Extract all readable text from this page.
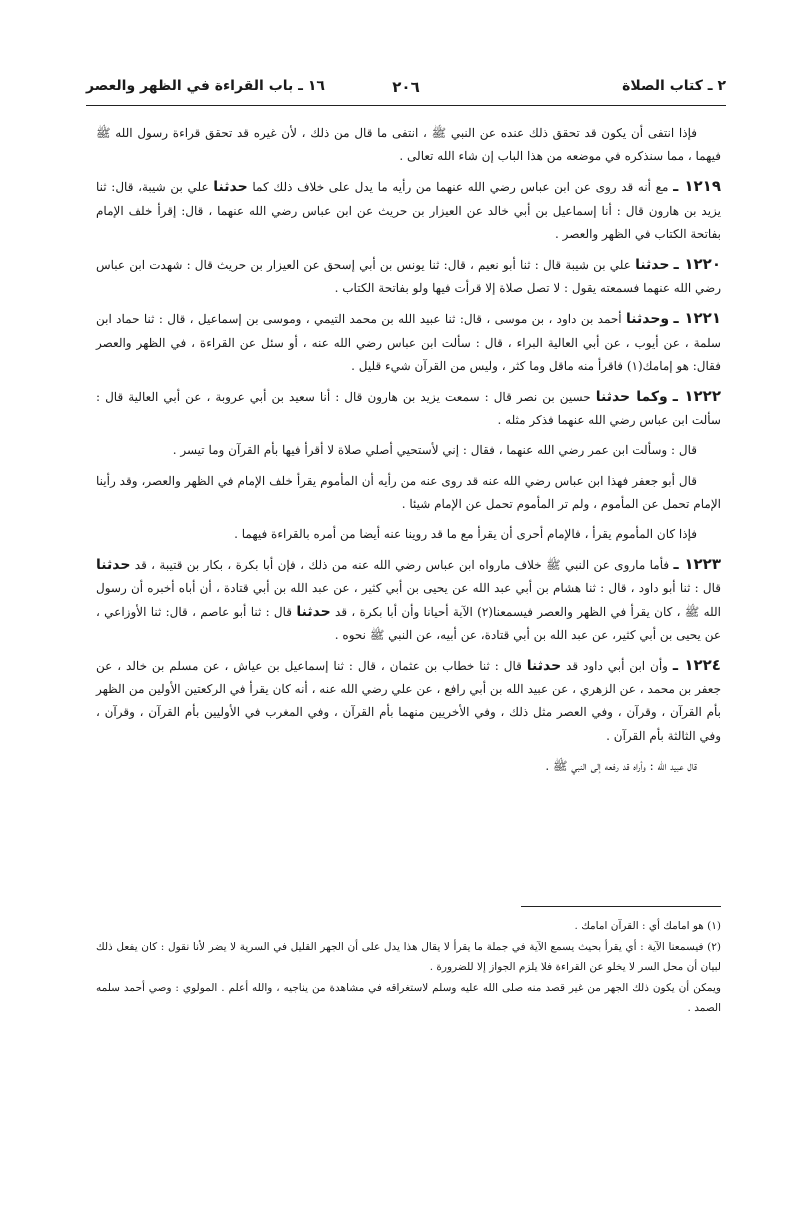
٢ ـ كتاب الصلاة
٢٠٦
١٦ ـ باب القراءة في الظهر والعصر

فإذا انتفى أن يكون قد تحقق ذلك عنده عن النبي ﷺ ، انتفى ما قال من ذلك ، لأن غيره قد تحقق قراءة رسول الله ﷺ فيهما ، مما سنذكره في موضعه من هذا الباب إن شاء الله تعالى .

١٢١٩ ـ مع أنه قد روى عن ابن عباس رضي الله عنهما من رأيه ما يدل على خلاف ذلك كما حدثنا علي بن شيبة، قال: ثنا يزيد بن هارون قال : أنا إسماعيل بن أبي خالد عن العيزار بن حريث عن ابن عباس رضي الله عنهما ، قال: إقرأ خلف الإمام بفاتحة الكتاب في الظهر والعصر .

١٢٢٠ ـ حدثنا علي بن شيبة قال : ثنا أبو نعيم ، قال: ثنا يونس بن أبي إسحق عن العيزار بن حريث قال : شهدت ابن عباس رضي الله عنهما فسمعته يقول : لا تصل صلاة إلا قرأت فيها ولو بفاتحة الكتاب .

١٢٢١ ـ وحدثنا أحمد بن داود ، بن موسى ، قال: ثنا عبيد الله بن محمد التيمي ، وموسى بن إسماعيل ، قال : ثنا حماد ابن سلمة ، عن أيوب ، عن أبي العالية البراء ، قال : سألت ابن عباس رضي الله عنه ، أو سئل عن القراءة ، في الظهر والعصر فقال: هو إمامك(١) فاقرأ منه ماقل وما كثر ، وليس من القرآن شيء قليل .

١٢٢٢ ـ وكما حدثنا حسين بن نصر قال : سمعت يزيد بن هارون قال : أنا سعيد بن أبي عروبة ، عن أبي العالية قال : سألت ابن عباس رضي الله عنهما فذكر مثله .

قال : وسألت ابن عمر رضي الله عنهما ، فقال : إني لأستحيي أصلي صلاة لا أقرأ فيها بأم القرآن وما تيسر .

قال أبو جعفر فهذا ابن عباس رضي الله عنه قد روى عنه من رأيه أن المأموم يقرأ خلف الإمام في الظهر والعصر، وقد رأينا الإمام تحمل عن المأموم ، ولم تر المأموم تحمل عن الإمام شيئا .

فإذا كان المأموم يقرأ ، فالإمام أحرى أن يقرأ مع ما قد روينا عنه أيضا من أمره بالقراءة فيهما .

١٢٢٣ ـ فأما ماروى عن النبي ﷺ خلاف مارواه ابن عباس رضي الله عنه من ذلك ، فإن أبا بكرة ، بكار بن قتيبة ، قد حدثنا قال : ثنا أبو داود ، قال : ثنا هشام بن أبي عبد الله عن يحيى بن أبي كثير ، عن عبد الله بن أبي قتادة ، أن أباه أخبره أن رسول الله ﷺ ، كان يقرأ في الظهر والعصر فيسمعنا(٢) الآية أحيانا وأن أبا بكرة ، قد حدثنا قال : ثنا أبو عاصم ، قال: ثنا الأوزاعي ، عن يحيى بن أبي كثير، عن عبد الله بن أبي قتادة، عن أبيه، عن النبي ﷺ نحوه .

١٢٢٤ ـ وأن ابن أبي داود قد حدثنا قال : ثنا خطاب بن عثمان ، قال : ثنا إسماعيل بن عياش ، عن مسلم بن خالد ، عن جعفر بن محمد ، عن الزهري ، عن عبيد الله بن أبي رافع ، عن علي رضي الله عنه ، أنه كان يقرأ في الركعتين الأولين من الظهر بأم القرآن ، وقرآن ، وفي العصر مثل ذلك ، وفي الأخريين منهما بأم القرآن ، وفي المغرب في الأوليين بأم القرآن ، وقرآن ، وفي الثالثة بأم القرآن .

قال عبيد الله : وأراه قد رفعه إلى النبي ﷺ .

(١) هو امامك أي : القرآن امامك .

(٢) فيسمعنا الآية : أي يقرأ بحيث يسمع الآية في جملة ما يقرأ لا يقال هذا يدل على أن الجهر القليل في السرية لا يضر لأنا نقول : كان يفعل ذلك لبيان أن محل السر لا يخلو عن القراءة فلا يلزم الجواز إلا للضرورة .

ويمكن أن يكون ذلك الجهر من غير قصد منه صلى الله عليه وسلم لاستغراقه في مشاهدة من يناجيه ، والله أعلم . المولوي : وصي أحمد سلمه الصمد .
